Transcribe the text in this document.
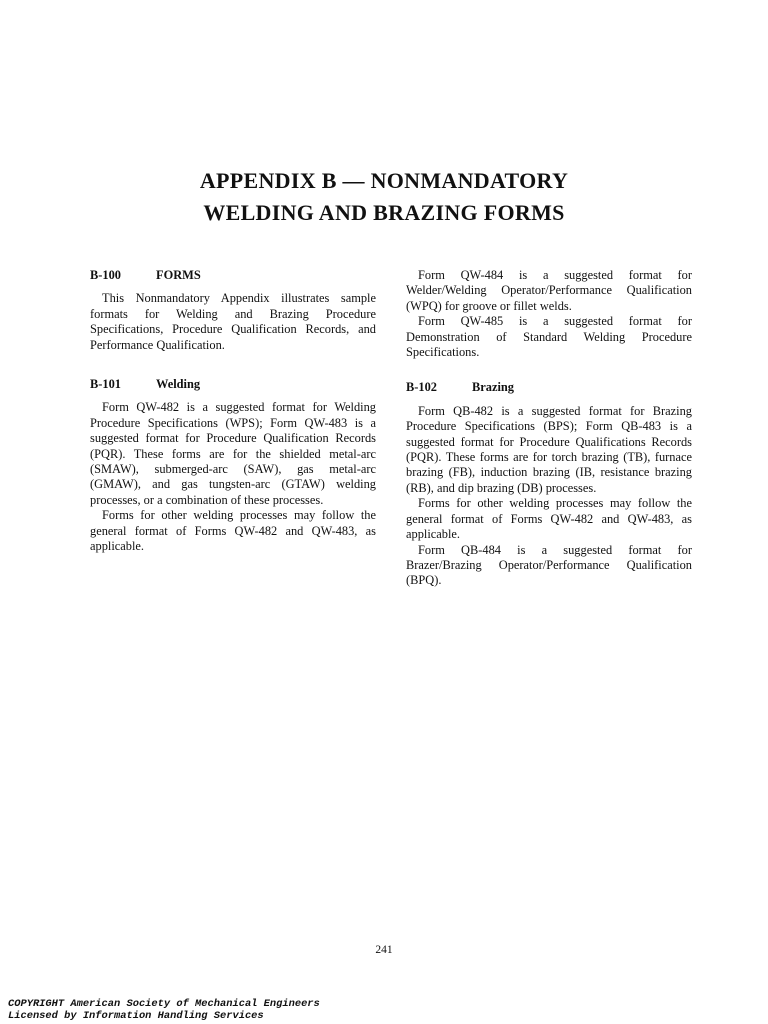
APPENDIX B — NONMANDATORY
WELDING AND BRAZING FORMS
B-100	FORMS

This Nonmandatory Appendix illustrates sample formats for Welding and Brazing Procedure Specifications, Procedure Qualification Records, and Performance Qualification.

B-101	Welding

Form QW-482 is a suggested format for Welding Procedure Specifications (WPS); Form QW-483 is a suggested format for Procedure Qualification Records (PQR). These forms are for the shielded metal-arc (SMAW), submerged-arc (SAW), gas metal-arc (GMAW), and gas tungsten-arc (GTAW) welding processes, or a combination of these processes.

Forms for other welding processes may follow the general format of Forms QW-482 and QW-483, as applicable.

Form QW-484 is a suggested format for Welder/Welding Operator/Performance Qualification (WPQ) for groove or fillet welds.

Form QW-485 is a suggested format for Demonstration of Standard Welding Procedure Specifications.

B-102	Brazing

Form QB-482 is a suggested format for Brazing Procedure Specifications (BPS); Form QB-483 is a suggested format for Procedure Qualifications Records (PQR). These forms are for torch brazing (TB), furnace brazing (FB), induction brazing (IB, resistance brazing (RB), and dip brazing (DB) processes.

Forms for other welding processes may follow the general format of Forms QW-482 and QW-483, as applicable.

Form QB-484 is a suggested format for Brazer/Brazing Operator/Performance Qualification (BPQ).

241
COPYRIGHT American Society of Mechanical Engineers
Licensed by Information Handling Services
